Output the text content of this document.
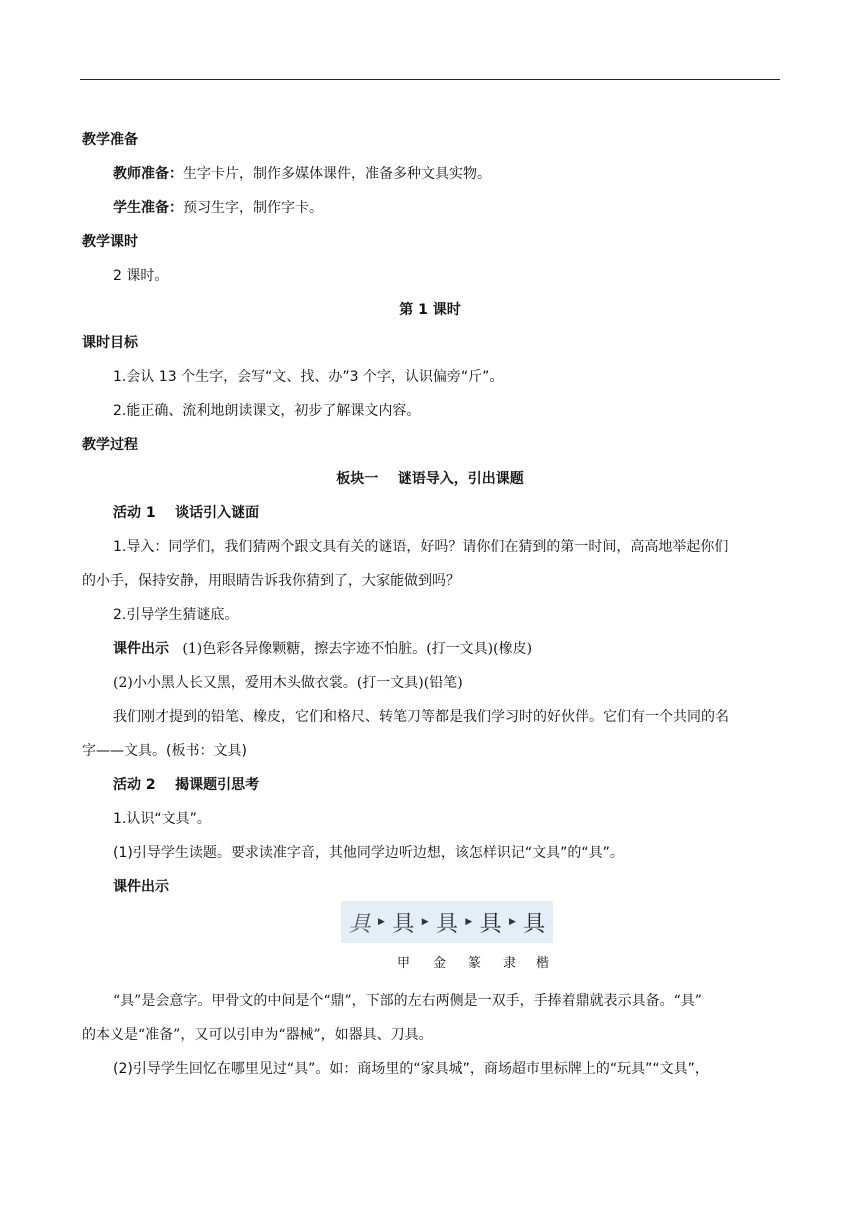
教学准备
教师准备：生字卡片，制作多媒体课件，准备多种文具实物。
学生准备：预习生字，制作字卡。
教学课时
2 课时。
第 1 课时
课时目标
1.会认 13 个生字，会写“文、找、办”3 个字，认识偏旁“斤”。
2.能正确、流利地朗读课文，初步了解课文内容。
教学过程
板块一    谜语导入，引出课题
活动 1    谈话引入谜面
1.导入：同学们，我们猜两个跟文具有关的谜语，好吗？请你们在猜到的第一时间，高高地举起你们
的小手，保持安静，用眼睛告诉我你猜到了，大家能做到吗？
2.引导学生猜谜底。
课件出示 (1)色彩各异像颗糖，擦去字迹不怕脏。(打一文具)(橡皮)
(2)小小黑人长又黑，爱用木头做衣裳。(打一文具)(铅笔)
我们刚才提到的铅笔、橡皮，它们和格尺、转笔刀等都是我们学习时的好伙伴。它们有一个共同的名
字——文具。(板书：文具)
活动 2    揭课题引思考
1.认识“文具”。
(1)引导学生读题。要求读准字音，其他同学边听边想，该怎样识记“文具”的“具”。
课件出示
具 ▶ 具 ▶ 具 ▶ 具 ▶ 具
甲 金 篆 隶 楷
“具”是会意字。甲骨文的中间是个“鼎”，下部的左右两侧是一双手，手捧着鼎就表示具备。“具”
的本义是“准备”，又可以引申为“器械”，如器具、刀具。
(2)引导学生回忆在哪里见过“具”。如：商场里的“家具城”，商场超市里标牌上的“玩具”“文具”，
